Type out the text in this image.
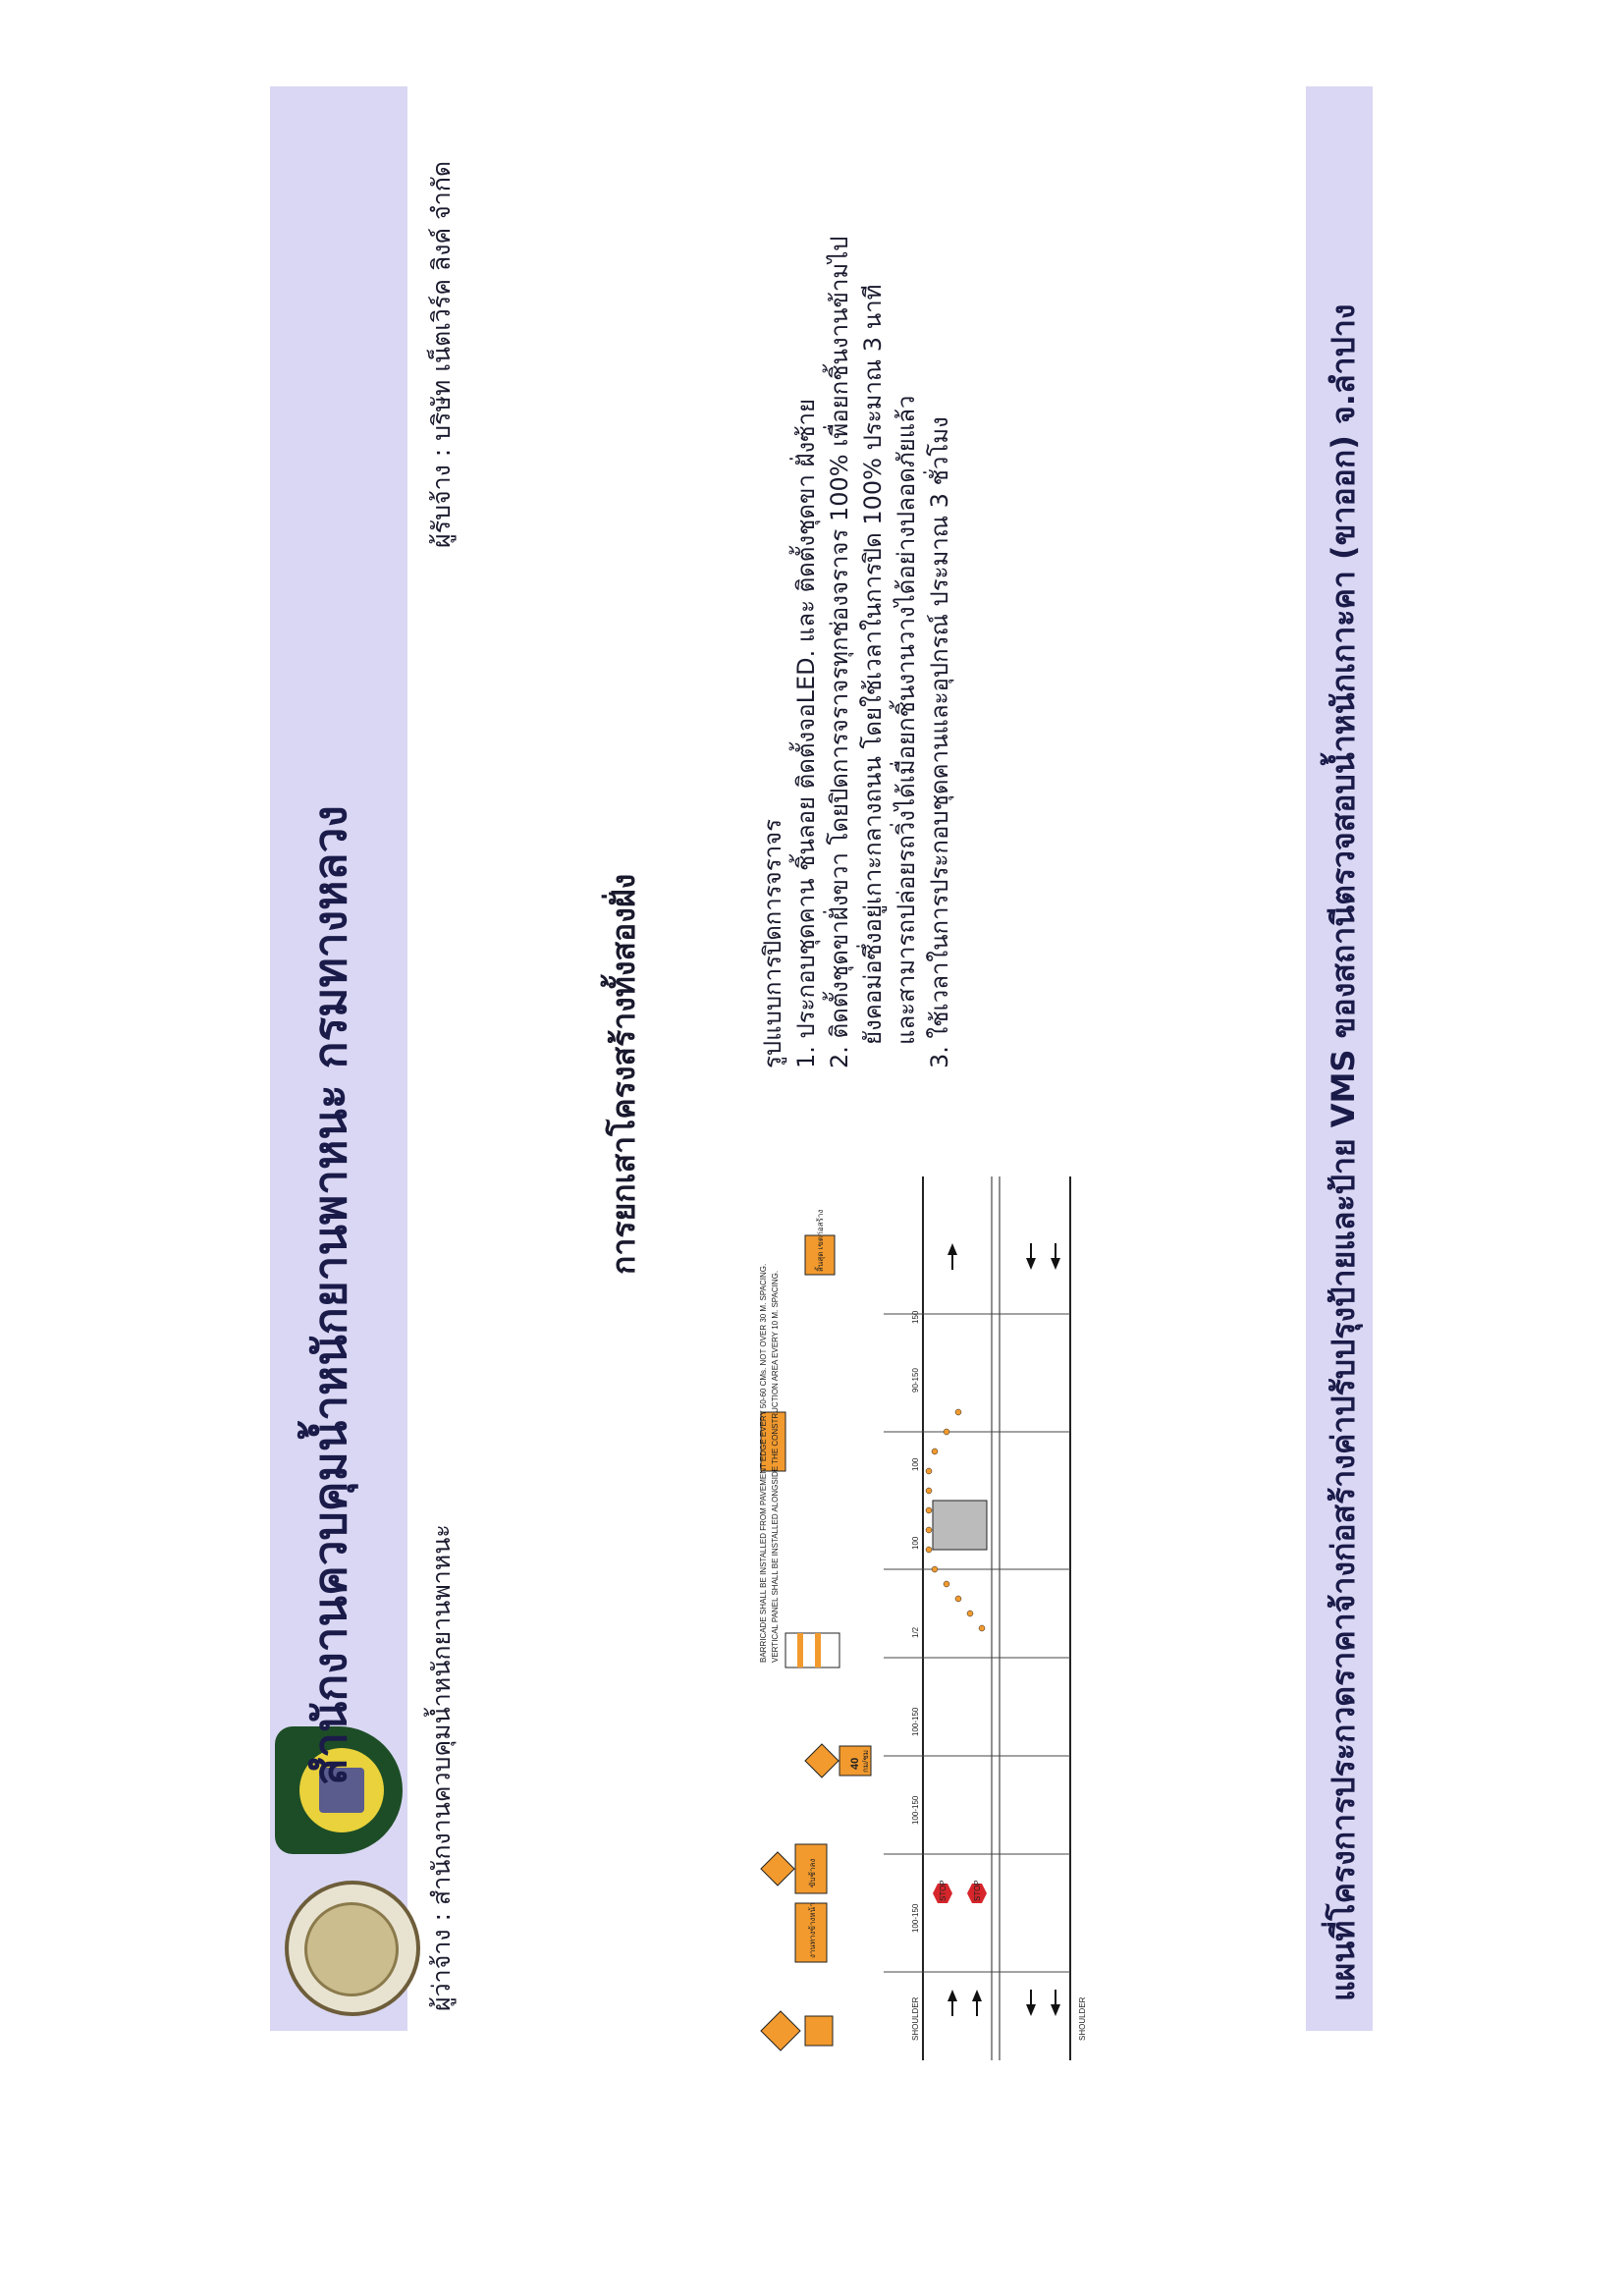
สำนักงานควบคุมน้ำหนักยานพาหนะ กรมทางหลวง	ผู้ว่าจ้าง : สำนักงานควบคุมน้ำหนักยานพาหนะ
ผู้รับจ้าง : บริษัท เน็ตเวิร์ค ลิงค์ จำกัด
การยกเสาโครงสร้างทั้งสองฝั่ง	รูปแบบการปิดการจราจร 1. ประกอบชุดคาน ชิ้นลอย ติดตั้งจอLED. และ ติดตั้งชุดขา ฝั่งซ้าย 2. ติดตั้งชุดขาฝั่งขวา โดยปิดการจราจรทุกช่องจราจร 100% เพื่อยกชิ้นงานข้ามไป ยังคอม่อซึ่งอยู่เกาะกลางถนน โดยใช้เวลาในการปิด 100% ประมาณ 3 นาที และสามารถปล่อยรถวิ่งได้เมื่อยกชิ้นงานวางได้อย่างปลอดภัยแล้ว 3. ใช้เวลาในการประกอบชุดคานและอุปกรณ์ ประมาณ 3 ชั่วโมง
SHOULDER	SHOULDER
100-150
100-150
100-150
1/2
100
100
90-150
150
งานทางข้างหน้า
ขับช้าลง
40 กม/ชม
STOP	STOP
สิ้นสุด เขตก่อสร้าง
BARRICADE SHALL BE INSTALLED FROM PAVEMENT EDGE EVERY 50-60 CMs. NOT OVER 30 M. SPACING. VERTICAL PANEL SHALL BE INSTALLED ALONGSIDE THE CONSTRUCTION AREA EVERY 10 M. SPACING.	แผนที่โครงการประกวดราคาจ้างก่อสร้างค่าปรับปรุงป้ายและป้าย VMS ของสถานีตรวจสอบน้ำหนักเกาะคา (ขาออก) จ.ลำปาง
